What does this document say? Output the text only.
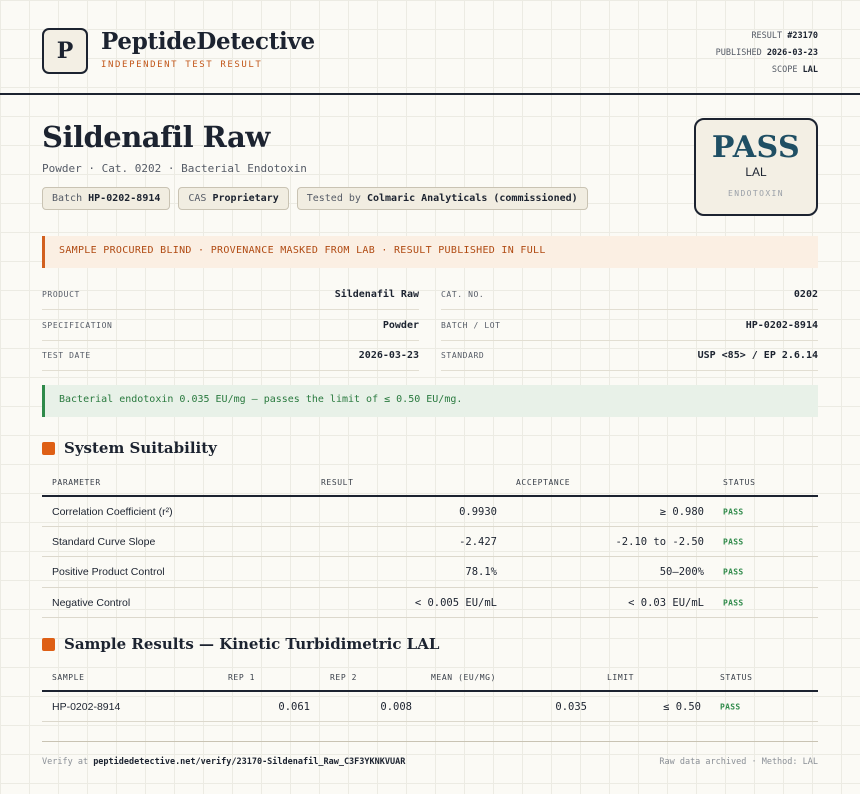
P PeptideDetective
INDEPENDENT TEST RESULT
RESULT #23170
PUBLISHED 2026-03-23
SCOPE LAL
Sildenafil Raw
Powder · Cat. 0202 · Bacterial Endotoxin
Batch HP-0202-8914	CAS Proprietary	Tested by Colmaric Analyticals (commissioned)
PASS
LAL
ENDOTOXIN
SAMPLE PROCURED BLIND · PROVENANCE MASKED FROM LAB · RESULT PUBLISHED IN FULL
PRODUCT	Sildenafil Raw
SPECIFICATION	Powder
TEST DATE	2026-03-23
CAT. NO.	0202
BATCH / LOT	HP-0202-8914
STANDARD	USP <85> / EP 2.6.14
Bacterial endotoxin 0.035 EU/mg — passes the limit of ≤ 0.50 EU/mg.
System Suitability
PARAMETER	RESULT	ACCEPTANCE	STATUS
Correlation Coefficient (r²)	0.9930	≥ 0.980 PASS
Standard Curve Slope	-2.427	-2.10 to -2.50 PASS
Positive Product Control	78.1%	50–200% PASS
Negative Control	< 0.005 EU/mL	< 0.03 EU/mL PASS
Sample Results — Kinetic Turbidimetric LAL
SAMPLE	REP 1	REP 2	MEAN (EU/MG)	LIMIT	STATUS
HP-0202-8914	0.061	0.008	0.035	≤ 0.50 PASS
Verify at peptidedetective.net/verify/23170-Sildenafil_Raw_C3F3YKNKVUAR	Raw data archived · Method: LAL
